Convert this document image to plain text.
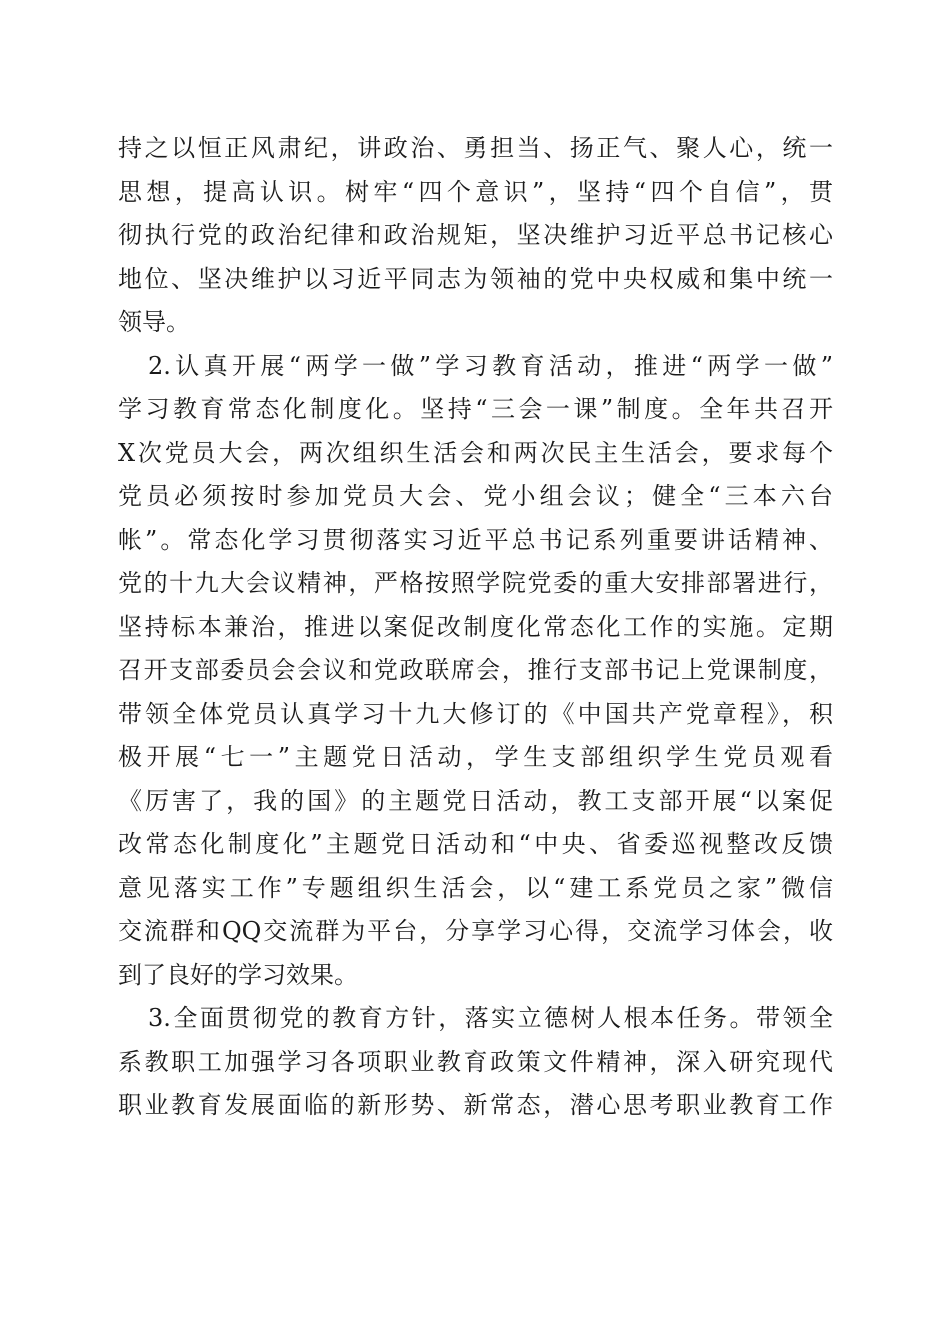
持之以恒正风肃纪，讲政治、勇担当、扬正气、聚人心，统一
思想，提高认识。树牢“四个意识”，坚持“四个自信”，贯
彻执行党的政治纪律和政治规矩，坚决维护习近平总书记核心
地位、坚决维护以习近平同志为领袖的党中央权威和集中统一
领导。
2.认真开展“两学一做”学习教育活动，推进“两学一做”
学习教育常态化制度化。坚持“三会一课”制度。全年共召开
X次党员大会，两次组织生活会和两次民主生活会，要求每个
党员必须按时参加党员大会、党小组会议；健全“三本六台
帐”。常态化学习贯彻落实习近平总书记系列重要讲话精神、
党的十九大会议精神，严格按照学院党委的重大安排部署进行，
坚持标本兼治，推进以案促改制度化常态化工作的实施。定期
召开支部委员会会议和党政联席会，推行支部书记上党课制度，
带领全体党员认真学习十九大修订的《中国共产党章程》，积
极开展“七一”主题党日活动，学生支部组织学生党员观看
《厉害了，我的国》的主题党日活动，教工支部开展“以案促
改常态化制度化”主题党日活动和“中央、省委巡视整改反馈
意见落实工作”专题组织生活会，以“建工系党员之家”微信
交流群和QQ交流群为平台，分享学习心得，交流学习体会，收
到了良好的学习效果。
3.全面贯彻党的教育方针，落实立德树人根本任务。带领全
系教职工加强学习各项职业教育政策文件精神，深入研究现代
职业教育发展面临的新形势、新常态，潜心思考职业教育工作
